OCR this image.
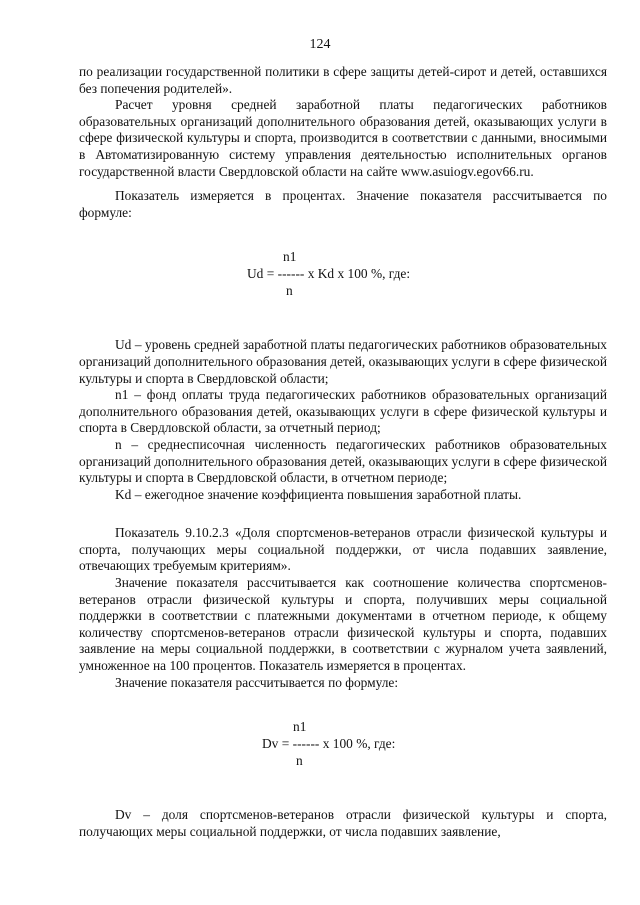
124

по реализации государственной политики в сфере защиты детей-сирот и детей, оставшихся без попечения родителей».

Расчет уровня средней заработной платы педагогических работников образовательных организаций дополнительного образования детей, оказывающих услуги в сфере физической культуры и спорта, производится в соответствии с данными, вносимыми в Автоматизированную систему управления деятельностью исполнительных органов государственной власти Свердловской области на сайте www.asuiogv.egov66.ru.

Показатель измеряется в процентах. Значение показателя рассчитывается по формуле:

n1
Ud = ------ x Kd x 100 %, где:
n

Ud – уровень средней заработной платы педагогических работников образовательных организаций дополнительного образования детей, оказывающих услуги в сфере физической культуры и спорта в Свердловской области;

n1 – фонд оплаты труда педагогических работников образовательных организаций дополнительного образования детей, оказывающих услуги в сфере физической культуры и спорта в Свердловской области, за отчетный период;

n – среднесписочная численность педагогических работников образовательных организаций дополнительного образования детей, оказывающих услуги в сфере физической культуры и спорта в Свердловской области, в отчетном периоде;

Kd – ежегодное значение коэффициента повышения заработной платы.

Показатель 9.10.2.3 «Доля спортсменов-ветеранов отрасли физической культуры и спорта, получающих меры социальной поддержки, от числа подавших заявление, отвечающих требуемым критериям».

Значение показателя рассчитывается как соотношение количества спортсменов-ветеранов отрасли физической культуры и спорта, получивших меры социальной поддержки в соответствии с платежными документами в отчетном периоде, к общему количеству спортсменов-ветеранов отрасли физической культуры и спорта, подавших заявление на меры социальной поддержки, в соответствии с журналом учета заявлений, умноженное на 100 процентов. Показатель измеряется в процентах.

Значение показателя рассчитывается по формуле:

n1
Dv = ------ x 100 %, где:
n

Dv – доля спортсменов-ветеранов отрасли физической культуры и спорта, получающих меры социальной поддержки, от числа подавших заявление,
